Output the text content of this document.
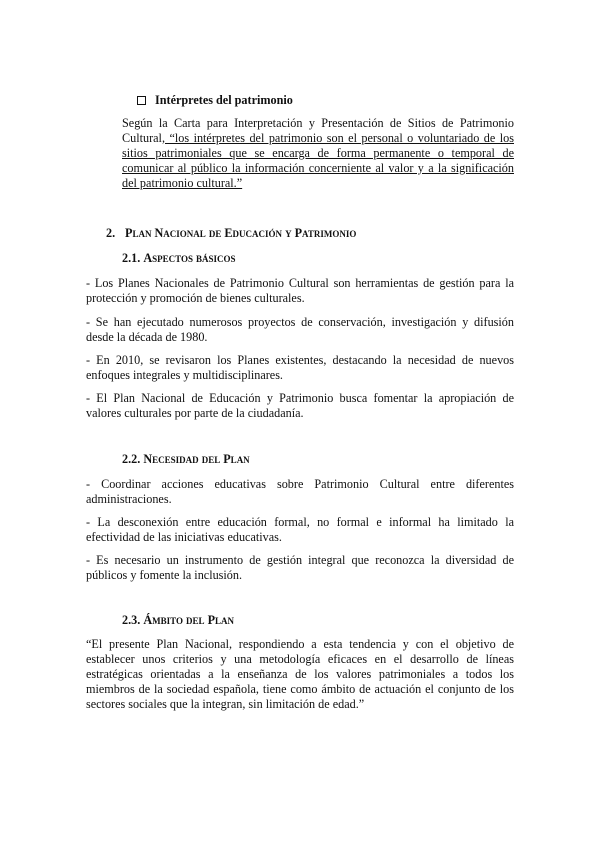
Intérpretes del patrimonio
Según la Carta para Interpretación y Presentación de Sitios de Patrimonio Cultural, “los intérpretes del patrimonio son el personal o voluntariado de los sitios patrimoniales que se encarga de forma permanente o temporal de comunicar al público la información concerniente al valor y a la significación del patrimonio cultural.”
2. Plan Nacional de Educación y Patrimonio
2.1. Aspectos básicos
- Los Planes Nacionales de Patrimonio Cultural son herramientas de gestión para la protección y promoción de bienes culturales.
- Se han ejecutado numerosos proyectos de conservación, investigación y difusión desde la década de 1980.
- En 2010, se revisaron los Planes existentes, destacando la necesidad de nuevos enfoques integrales y multidisciplinares.
- El Plan Nacional de Educación y Patrimonio busca fomentar la apropiación de valores culturales por parte de la ciudadanía.
2.2. Necesidad del Plan
- Coordinar acciones educativas sobre Patrimonio Cultural entre diferentes administraciones.
- La desconexión entre educación formal, no formal e informal ha limitado la efectividad de las iniciativas educativas.
- Es necesario un instrumento de gestión integral que reconozca la diversidad de públicos y fomente la inclusión.
2.3. Ámbito del Plan
“El presente Plan Nacional, respondiendo a esta tendencia y con el objetivo de establecer unos criterios y una metodología eficaces en el desarrollo de líneas estratégicas orientadas a la enseñanza de los valores patrimoniales a todos los miembros de la sociedad española, tiene como ámbito de actuación el conjunto de los sectores sociales que la integran, sin limitación de edad.”
